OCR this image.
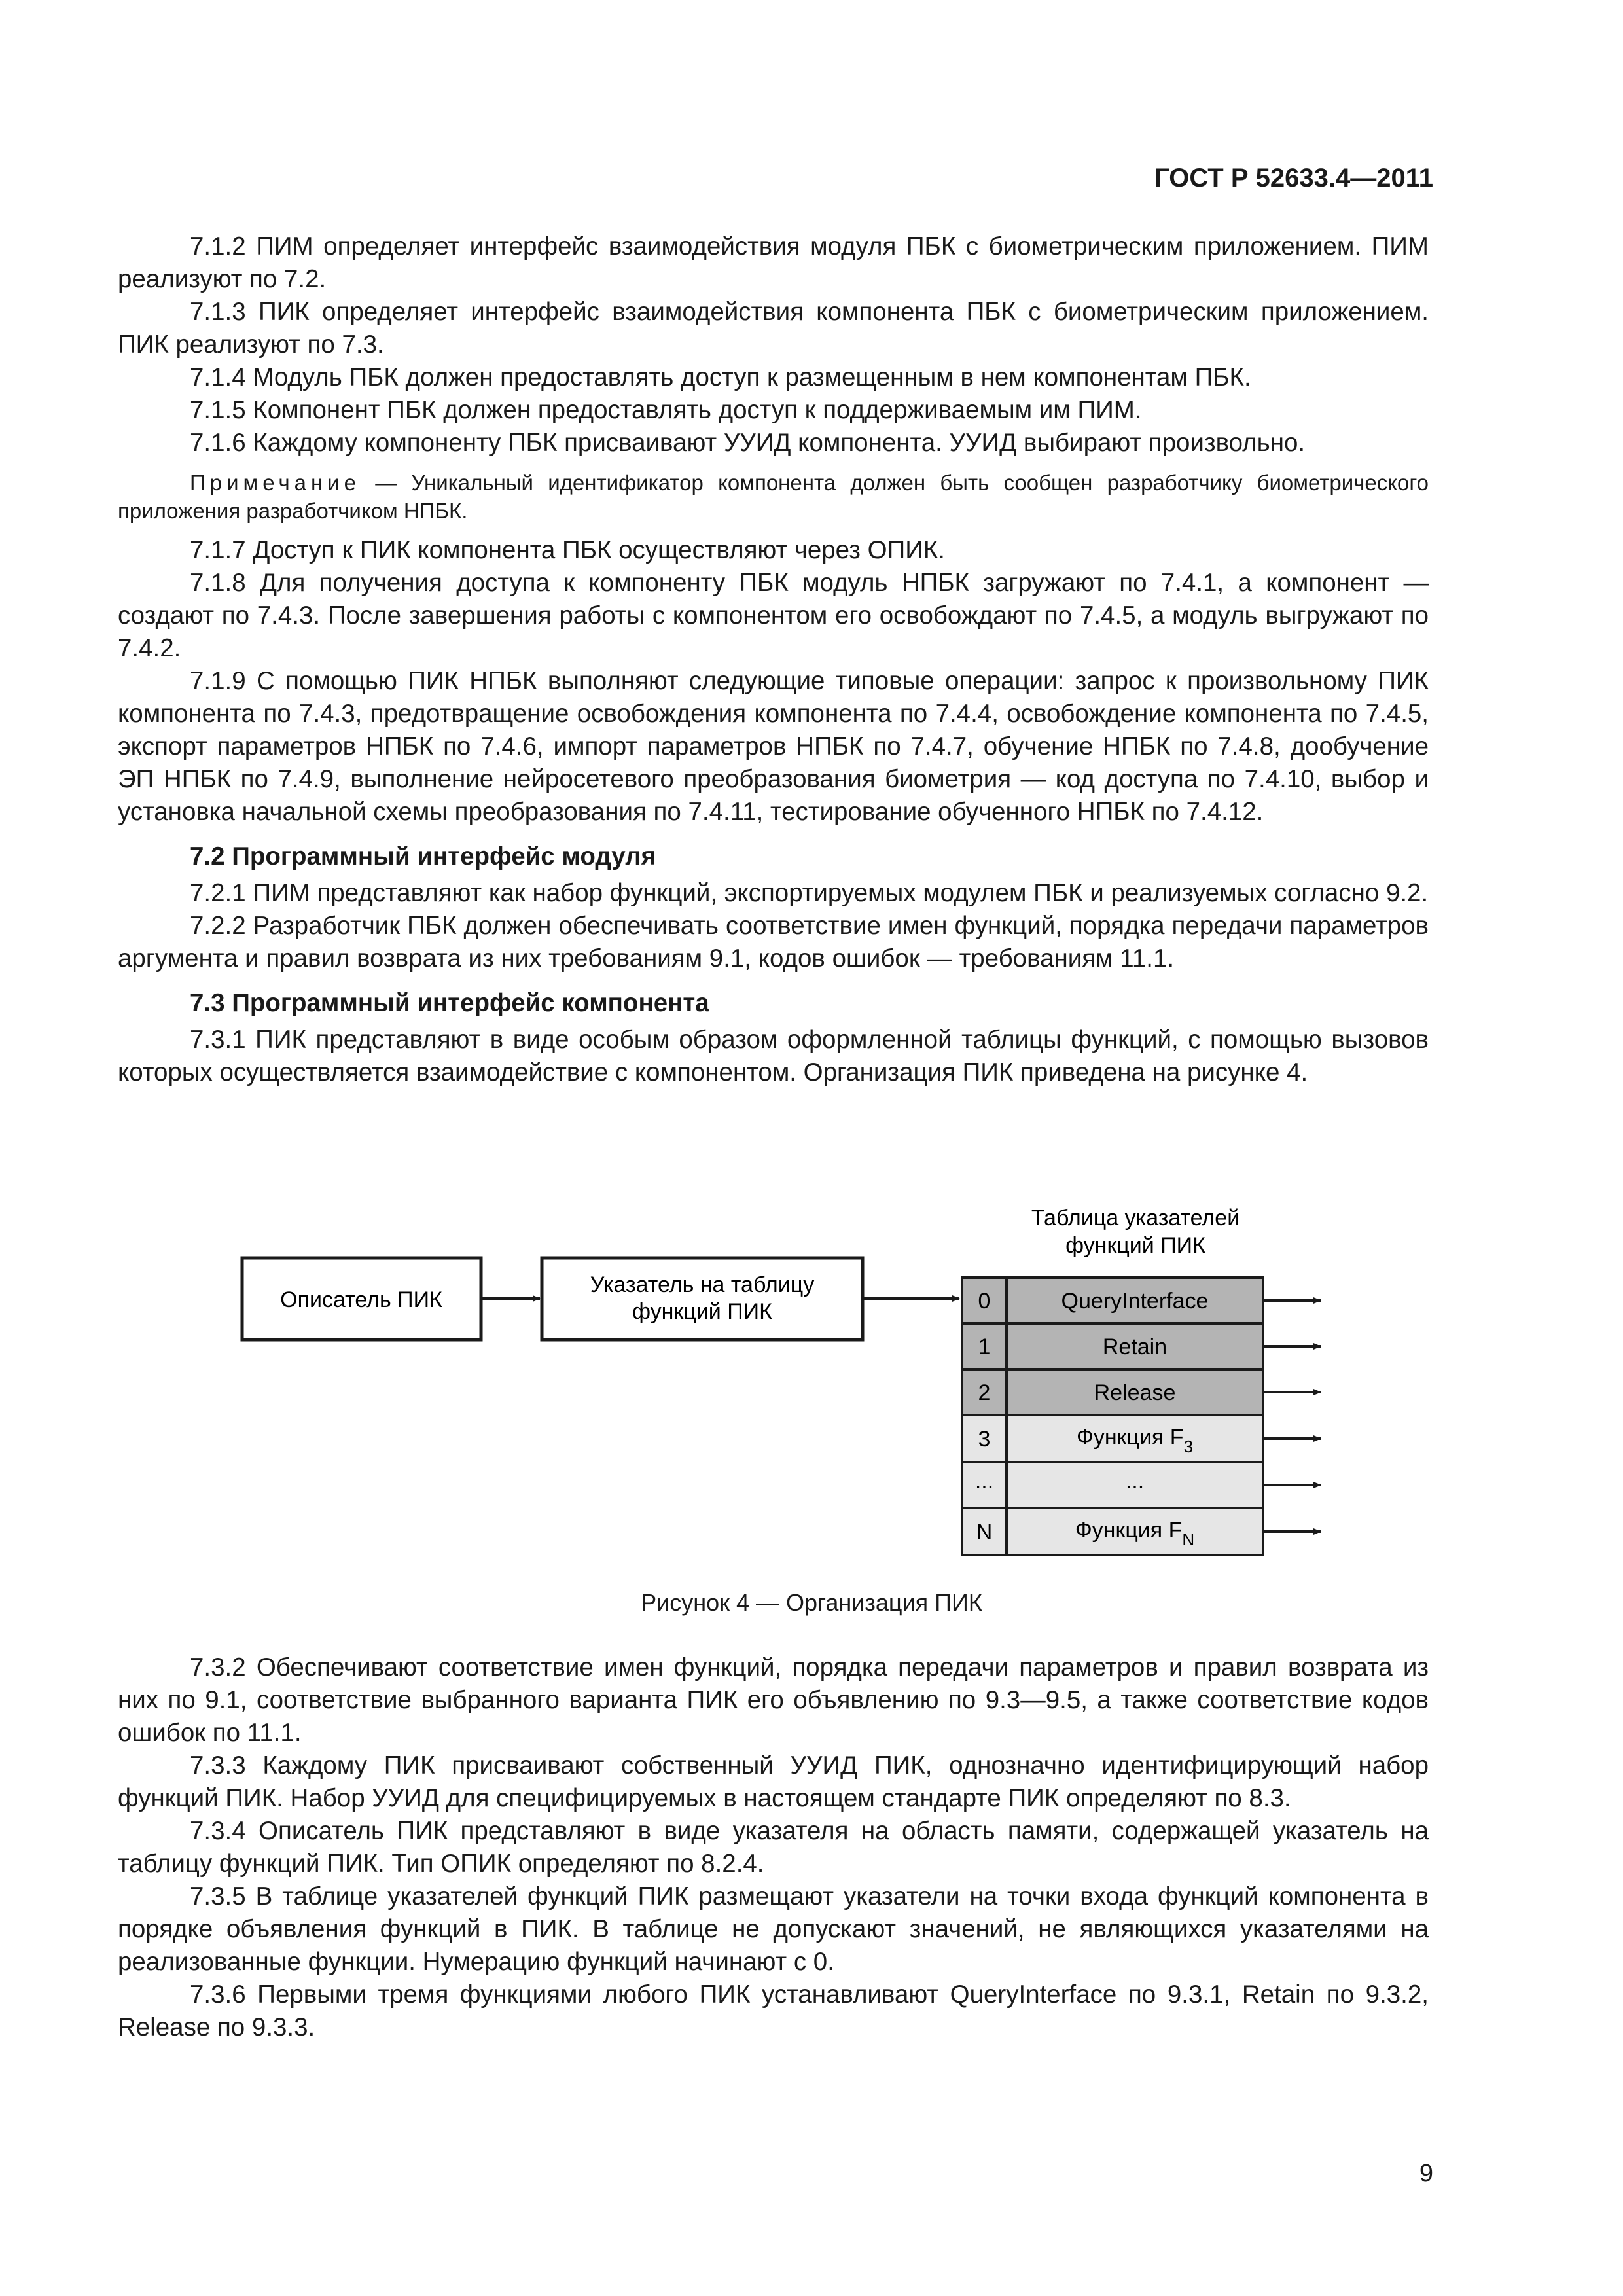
ГОСТ Р 52633.4—2011

7.1.2 ПИМ определяет интерфейс взаимодействия модуля ПБК с биометрическим приложением. ПИМ реализуют по 7.2.

7.1.3 ПИК определяет интерфейс взаимодействия компонента ПБК с биометрическим приложением. ПИК реализуют по 7.3.

7.1.4 Модуль ПБК должен предоставлять доступ к размещенным в нем компонентам ПБК.

7.1.5 Компонент ПБК должен предоставлять доступ к поддерживаемым им ПИМ.

7.1.6 Каждому компоненту ПБК присваивают УУИД компонента. УУИД выбирают произвольно.

Примечание — Уникальный идентификатор компонента должен быть сообщен разработчику биометрического приложения разработчиком НПБК.

7.1.7 Доступ к ПИК компонента ПБК осуществляют через ОПИК.

7.1.8 Для получения доступа к компоненту ПБК модуль НПБК загружают по 7.4.1, а компонент — создают по 7.4.3. После завершения работы с компонентом его освобождают по 7.4.5, а модуль выгружают по 7.4.2.

7.1.9 С помощью ПИК НПБК выполняют следующие типовые операции: запрос к произвольному ПИК компонента по 7.4.3, предотвращение освобождения компонента по 7.4.4, освобождение компонента по 7.4.5, экспорт параметров НПБК по 7.4.6, импорт параметров НПБК по 7.4.7, обучение НПБК по 7.4.8, дообучение ЭП НПБК по 7.4.9, выполнение нейросетевого преобразования биометрия — код доступа по 7.4.10, выбор и установка начальной схемы преобразования по 7.4.11, тестирование обученного НПБК по 7.4.12.

7.2 Программный интерфейс модуля

7.2.1 ПИМ представляют как набор функций, экспортируемых модулем ПБК и реализуемых согласно 9.2.

7.2.2 Разработчик ПБК должен обеспечивать соответствие имен функций, порядка передачи параметров аргумента и правил возврата из них требованиям 9.1, кодов ошибок — требованиям 11.1.

7.3 Программный интерфейс компонента

7.3.1 ПИК представляют в виде особым образом оформленной таблицы функций, с помощью вызовов которых осуществляется взаимодействие с компонентом. Организация ПИК приведена на рисунке 4.

Таблица указателей
функций ПИК
Описатель ПИК
Указатель на таблицу
функций ПИК	0	QueryInterface
1	Retain
2	Release
3	Функция $F_3$
...	...
N	Функция $F_N$
Рисунок 4 — Организация ПИК

7.3.2 Обеспечивают соответствие имен функций, порядка передачи параметров и правил возврата из них по 9.1, соответствие выбранного варианта ПИК его объявлению по 9.3—9.5, а также соответствие кодов ошибок по 11.1.

7.3.3 Каждому ПИК присваивают собственный УУИД ПИК, однозначно идентифицирующий набор функций ПИК. Набор УУИД для специфицируемых в настоящем стандарте ПИК определяют по 8.3.

7.3.4 Описатель ПИК представляют в виде указателя на область памяти, содержащей указатель на таблицу функций ПИК. Тип ОПИК определяют по 8.2.4.

7.3.5 В таблице указателей функций ПИК размещают указатели на точки входа функций компонента в порядке объявления функций в ПИК. В таблице не допускают значений, не являющихся указателями на реализованные функции. Нумерацию функций начинают с 0.

7.3.6 Первыми тремя функциями любого ПИК устанавливают QueryInterface по 9.3.1, Retain по 9.3.2, Release по 9.3.3.

9
